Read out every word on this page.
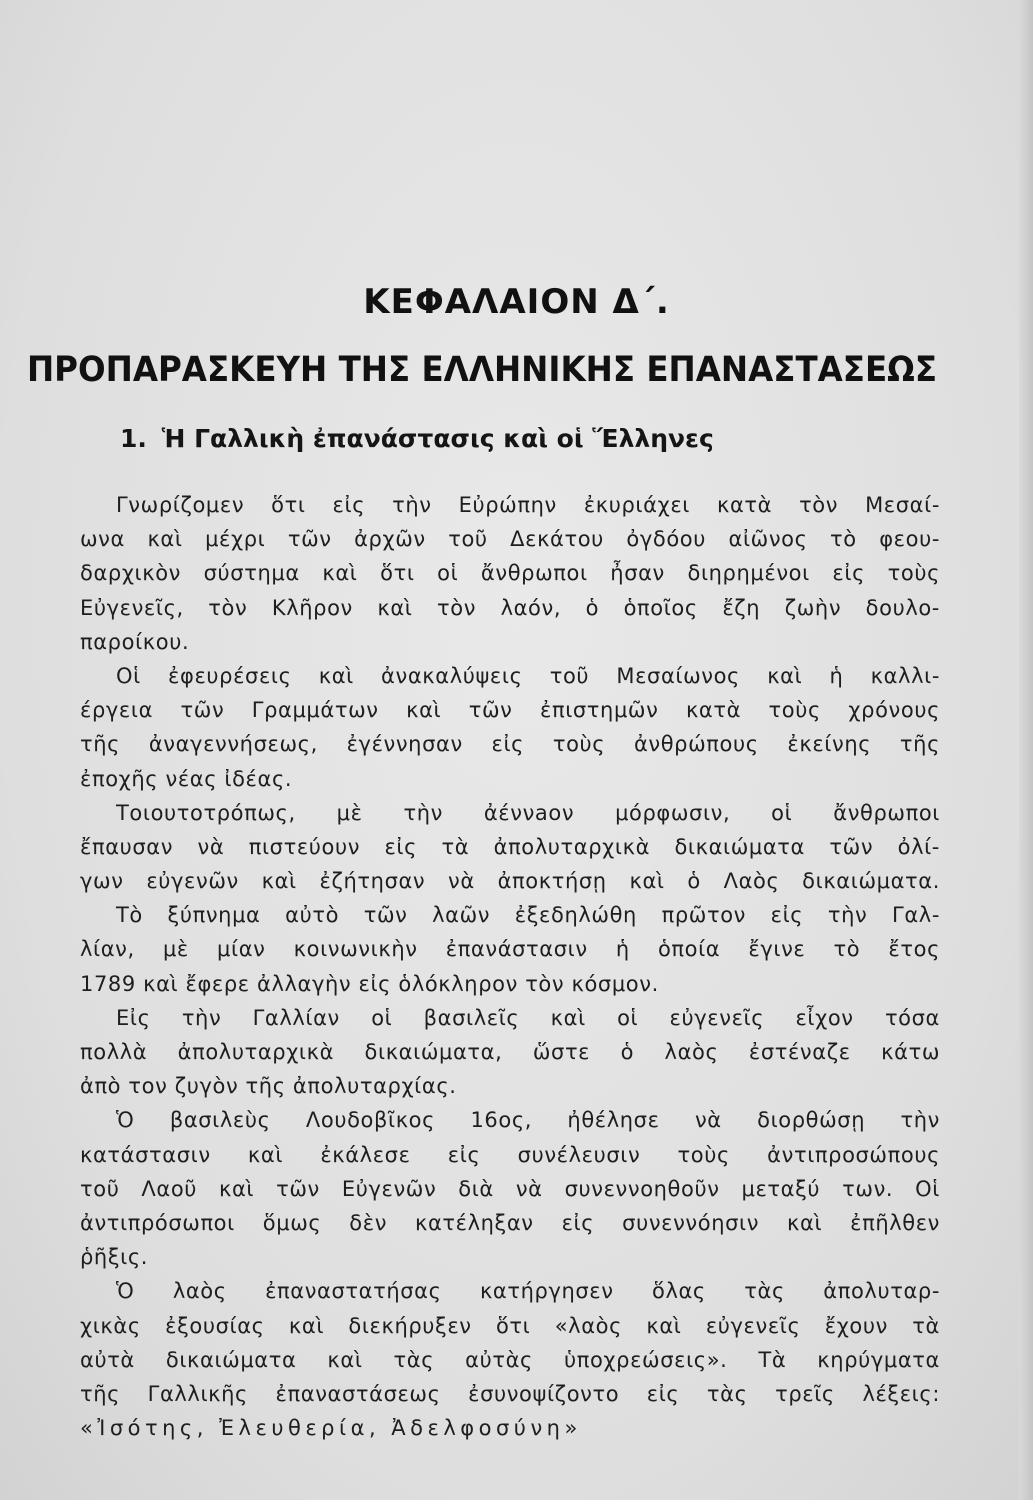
ΚΕΦΑΛΑΙΟΝ Δ΄.
ΠΡΟΠΑΡΑΣΚΕΥΗ ΤΗΣ ΕΛΛΗΝΙΚΗΣ ΕΠΑΝΑΣΤΑΣΕΩΣ
1. Ἡ Γαλλικὴ ἐπανάστασις καὶ οἱ Ἕλληνες
Γνωρίζομεν ὅτι εἰς τὴν Εὐρώπην ἐκυριάχει κατὰ τὸν Μεσαί-
ωνα καὶ μέχρι τῶν ἀρχῶν τοῦ Δεκάτου ὀγδόου αἰῶνος τὸ φεου-
δαρχικὸν σύστημα καὶ ὅτι οἱ ἄνθρωποι ἦσαν διηρημένοι εἰς τοὺς
Εὐγενεῖς, τὸν Κλῆρον καὶ τὸν λαόν, ὁ ὁποῖος ἔζη ζωὴν δουλο-
παροίκου.
Οἱ ἐφευρέσεις καὶ ἀνακαλύψεις τοῦ Μεσαίωνος καὶ ἡ καλλι-
έργεια τῶν Γραμμάτων καὶ τῶν ἐπιστημῶν κατὰ τοὺς χρόνους
τῆς ἀναγεννήσεως, ἐγέννησαν εἰς τοὺς ἀνθρώπους ἐκείνης τῆς
ἐποχῆς νέας ἰδέας.
Τοιουτοτρόπως, μὲ τὴν ἀέννaoν μόρφωσιν, οἱ ἄνθρωποι
ἔπαυσαν νὰ πιστεύουν εἰς τὰ ἀπολυταρχικὰ δικαιώματα τῶν ὀλί-
γων εὐγενῶν καὶ ἐζήτησαν νὰ ἀποκτήσῃ καὶ ὁ Λαὸς δικαιώματα.
Τὸ ξύπνημα αὐτὸ τῶν λαῶν ἐξεδηλώθη πρῶτον εἰς τὴν Γαλ-
λίαν, μὲ μίαν κοινωνικὴν ἐπανάστασιν ἡ ὁποία ἔγινε τὸ ἔτος
1789 καὶ ἔφερε ἀλλαγὴν εἰς ὁλόκληρον τὸν κόσμον.
Εἰς τὴν Γαλλίαν οἱ βασιλεῖς καὶ οἱ εὐγενεῖς εἶχον τόσα
πολλὰ ἀπολυταρχικὰ δικαιώματα, ὥστε ὁ λαὸς ἐστέναζε κάτω
ἀπὸ τον ζυγὸν τῆς ἀπολυταρχίας.
Ὁ βασιλεὺς Λουδοβῖκος 16ος, ἠθέλησε νὰ διορθώσῃ τὴν
κατάστασιν καὶ ἐκάλεσε εἰς συνέλευσιν τοὺς ἀντιπροσώπους
τοῦ Λαοῦ καὶ τῶν Εὐγενῶν διὰ νὰ συνεννοηθοῦν μεταξύ των. Οἱ
ἀντιπρόσωποι ὅμως δὲν κατέληξαν εἰς συνεννόησιν καὶ ἐπῆλθεν
ῥῆξις.
Ὁ λαὸς ἐπαναστατήσας κατήργησεν ὅλας τὰς ἀπολυταρ-
χικὰς ἐξουσίας καὶ διεκήρυξεν ὅτι «λαὸς καὶ εὐγενεῖς ἔχουν τὰ
αὐτὰ δικαιώματα καὶ τὰς αὐτὰς ὑποχρεώσεις». Τὰ κηρύγματα
τῆς Γαλλικῆς ἐπαναστάσεως ἐσυνοψίζοντο εἰς τὰς τρεῖς λέξεις:
«Ἰσότης, Ἐλευθερία, Ἀδελφοσύνη»
